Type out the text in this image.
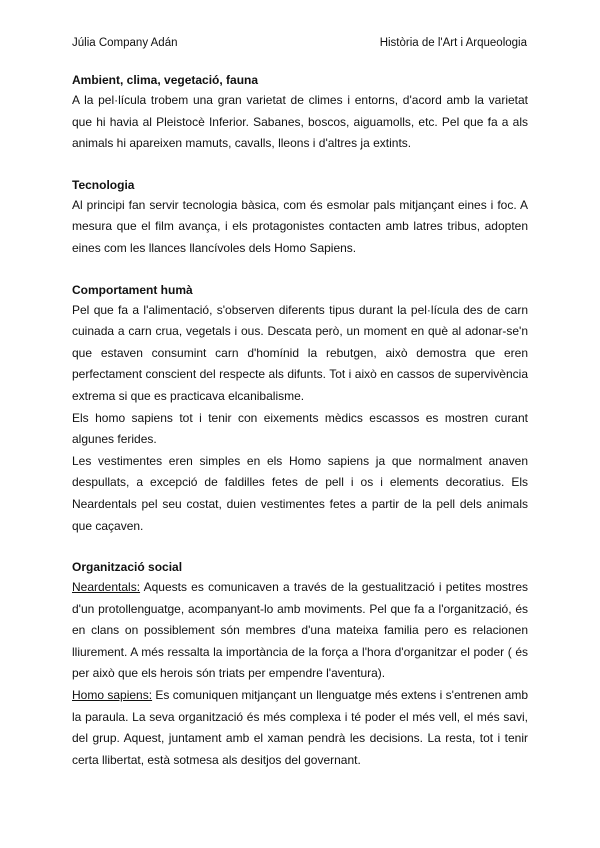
Júlia Company Adán	Història de l'Art i Arqueologia
Ambient, clima, vegetació, fauna

A la pel·lícula trobem una gran varietat de climes i entorns, d'acord amb la varietat que hi havia al Pleistocè Inferior. Sabanes, boscos, aiguamolls, etc. Pel que fa a als animals hi apareixen mamuts, cavalls, lleons i d'altres ja extints.

Tecnologia

Al principi fan servir tecnologia bàsica, com és esmolar pals mitjançant eines i foc. A mesura que el film avança, i els protagonistes contacten amb latres tribus, adopten eines com les llances llancívoles dels Homo Sapiens.

Comportament humà

Pel que fa a l'alimentació, s'observen diferents tipus durant la pel·lícula des de carn cuinada a carn crua, vegetals i ous. Descata però, un moment en què al adonar-se'n que estaven consumint carn d'homínid la rebutgen, això demostra que eren perfectament conscient del respecte als difunts. Tot i això en cassos de supervivència extrema si que es practicava elcanibalisme.

Els homo sapiens tot i tenir con eixements mèdics escassos es mostren curant algunes ferides.

Les vestimentes eren simples en els Homo sapiens ja que normalment anaven despullats, a excepció de faldilles fetes de pell i os i elements decoratius. Els Neardentals pel seu costat, duien vestimentes fetes a partir de la pell dels animals que caçaven.

Organització social

Neardentals: Aquests es comunicaven a través de la gestualització i petites mostres d'un protollenguatge, acompanyant-lo amb moviments. Pel que fa a l'organització, és en clans on possiblement són membres d'una mateixa familia pero es relacionen lliurement. A més ressalta la importància de la força a l'hora d'organitzar el poder ( és per això que els herois són triats per empendre l'aventura).

Homo sapiens: Es comuniquen mitjançant un llenguatge més extens i s'entrenen amb la paraula. La seva organització és més complexa i té poder el més vell, el més savi, del grup. Aquest, juntament amb el xaman pendrà les decisions. La resta, tot i tenir certa llibertat, està sotmesa als desitjos del governant.
